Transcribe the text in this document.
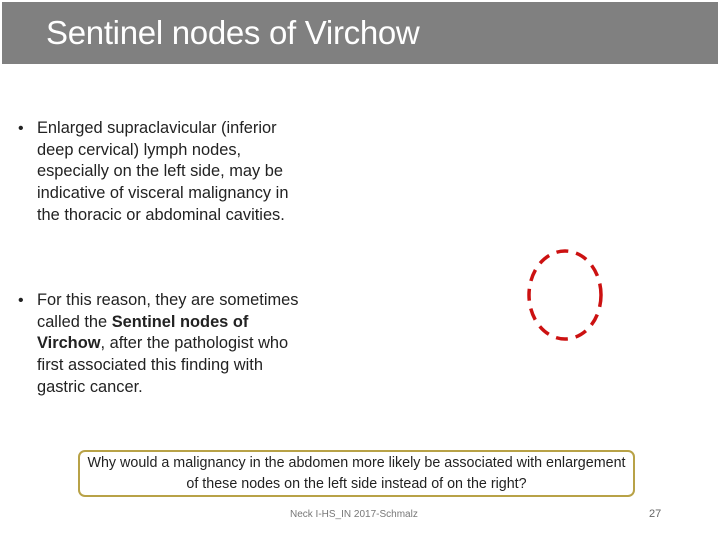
Sentinel nodes of Virchow
• Enlarged supraclavicular (inferior deep cervical) lymph nodes, especially on the left side, may be indicative of visceral malignancy in the thoracic or abdominal cavities.
• For this reason, they are sometimes called the Sentinel nodes of Virchow, after the pathologist who first associated this finding with gastric cancer.
Why would a malignancy in the abdomen more likely be associated with enlargement of these nodes on the left side instead of on the right?
Neck I-HS_IN 2017-Schmalz	27
